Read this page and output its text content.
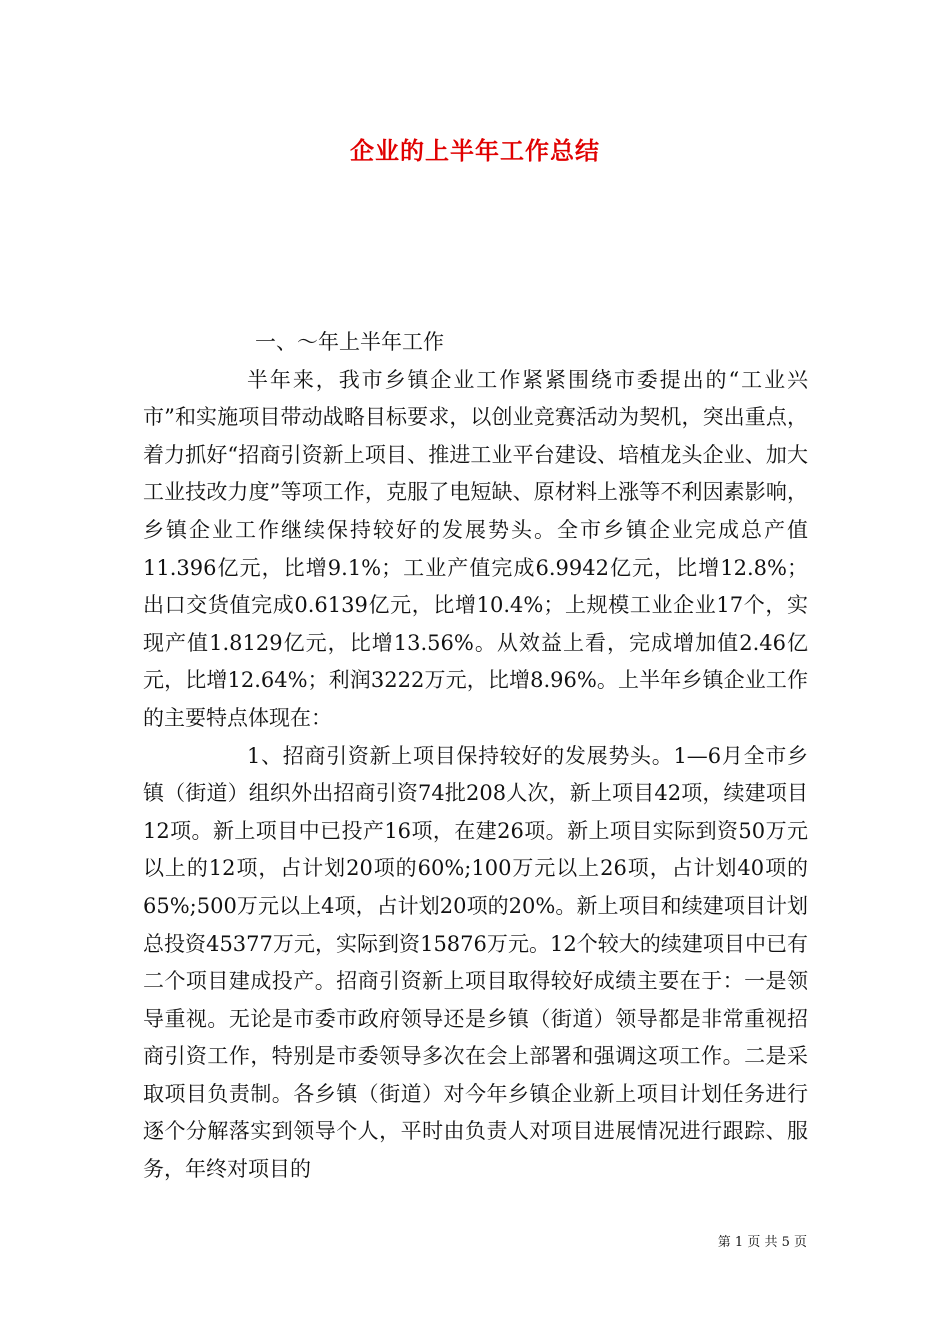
企业的上半年工作总结

一、～年上半年工作

半年来，我市乡镇企业工作紧紧围绕市委提出的“工业兴市”和实施项目带动战略目标要求，以创业竞赛活动为契机，突出重点，着力抓好“招商引资新上项目、推进工业平台建设、培植龙头企业、加大工业技改力度”等项工作，克服了电短缺、原材料上涨等不利因素影响，乡镇企业工作继续保持较好的发展势头。全市乡镇企业完成总产值11.396亿元，比增9.1%；工业产值完成6.9942亿元，比增12.8%；出口交货值完成0.6139亿元，比增10.4%；上规模工业企业17个，实现产值1.8129亿元，比增13.56%。从效益上看，完成增加值2.46亿元，比增12.64%；利润3222万元，比增8.96%。上半年乡镇企业工作的主要特点体现在：

1、招商引资新上项目保持较好的发展势头。1—6月全市乡镇（街道）组织外出招商引资74批208人次，新上项目42项，续建项目12项。新上项目中已投产16项，在建26项。新上项目实际到资50万元以上的12项，占计划20项的60%;100万元以上26项，占计划40项的65%;500万元以上4项，占计划20项的20%。新上项目和续建项目计划总投资45377万元，实际到资15876万元。12个较大的续建项目中已有二个项目建成投产。招商引资新上项目取得较好成绩主要在于：一是领导重视。无论是市委市政府领导还是乡镇（街道）领导都是非常重视招商引资工作，特别是市委领导多次在会上部署和强调这项工作。二是采取项目负责制。各乡镇（街道）对今年乡镇企业新上项目计划任务进行逐个分解落实到领导个人，平时由负责人对项目进展情况进行跟踪、服务，年终对项目的

第 1 页 共 5 页
